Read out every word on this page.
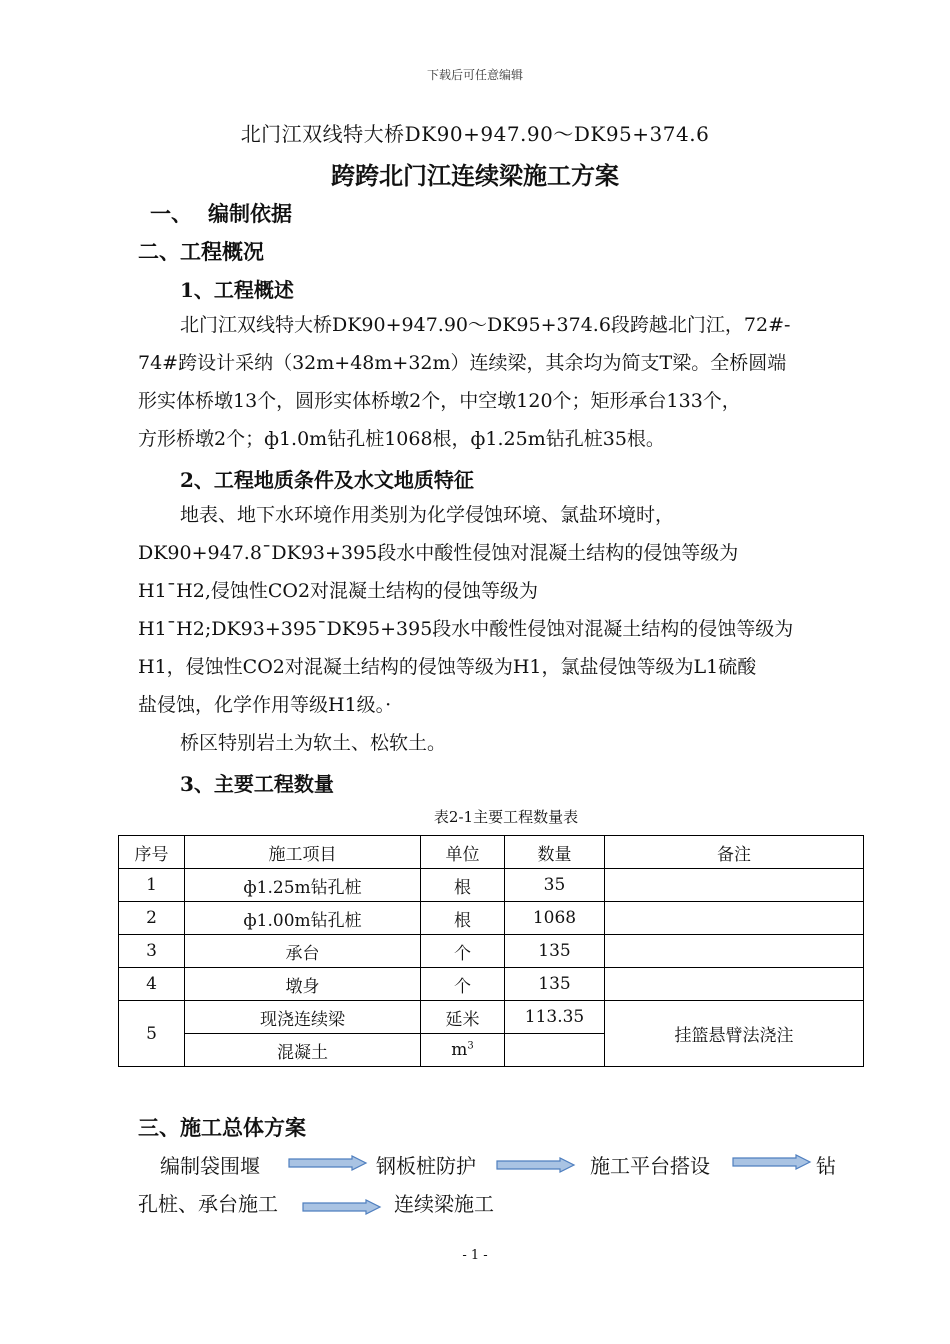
下载后可任意编辑
北门江双线特大桥DK90+947.90～DK95+374.6
跨跨北门江连续梁施工方案
一、 编制依据
二、工程概况
1、工程概述

北门江双线特大桥DK90+947.90～DK95+374.6段跨越北门江，72#-

74#跨设计采纳（32m+48m+32m）连续梁，其余均为简支T梁。全桥圆端

形实体桥墩13个，圆形实体桥墩2个，中空墩120个；矩形承台133个，

方形桥墩2个；ф1.0m钻孔桩1068根，ф1.25m钻孔桩35根。

2、工程地质条件及水文地质特征

地表、地下水环境作用类别为化学侵蚀环境、氯盐环境时，

DK90+947.8¯DK93+395段水中酸性侵蚀对混凝土结构的侵蚀等级为

H1¯H2,侵蚀性CO2对混凝土结构的侵蚀等级为

H1¯H2;DK93+395¯DK95+395段水中酸性侵蚀对混凝土结构的侵蚀等级为

H1，侵蚀性CO2对混凝土结构的侵蚀等级为H1，氯盐侵蚀等级为L1硫酸

盐侵蚀，化学作用等级H1级。·

桥区特别岩土为软土、松软土。

3、主要工程数量
表2-1主要工程数量表
序号	施工项目	单位	数量	备注
1	ф1.25m钻孔桩	根	35	
2	ф1.00m钻孔桩	根	1068	
3	承台	个	135	
4	墩身	个	135	
5	现浇连续梁	延米	113.35	挂篮悬臂法浇注
	混凝土	$m^3$	
三、施工总体方案
编制袋围堰	钢板桩防护	施工平台搭设	钻
孔桩、承台施工	连续梁施工
- 1 -
